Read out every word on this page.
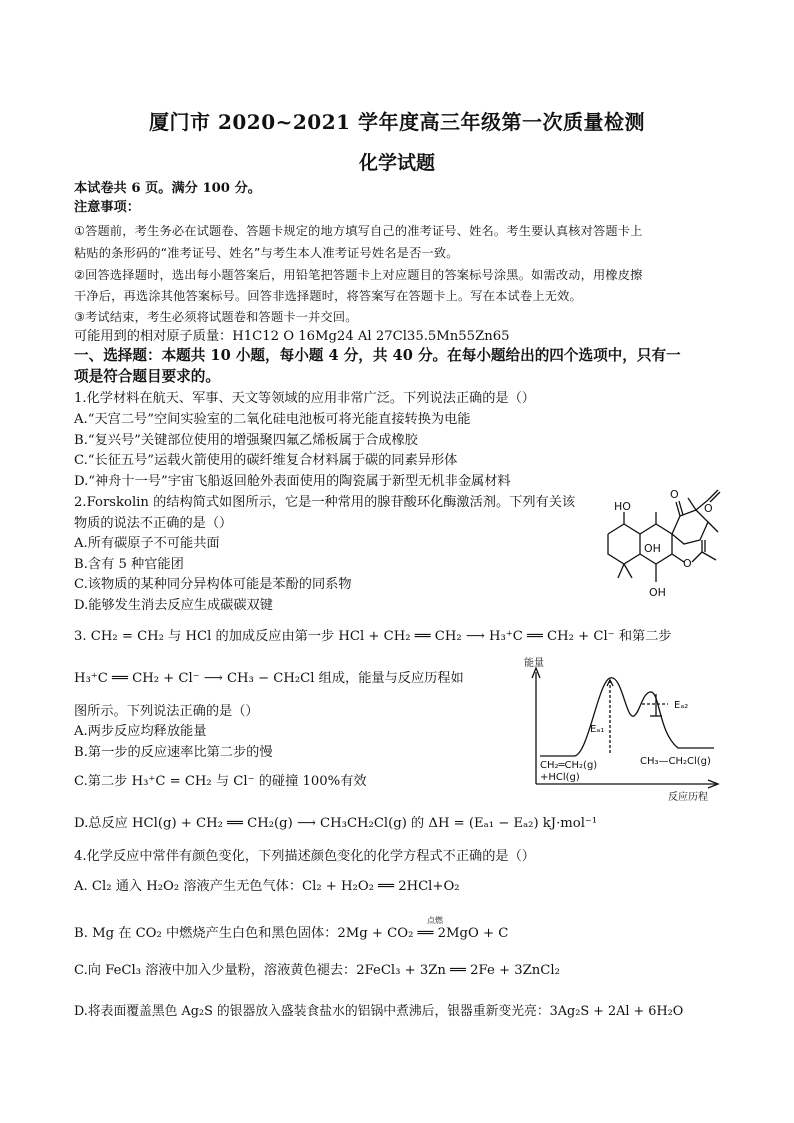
厦门市 2020~2021 学年度高三年级第一次质量检测
化学试题
本试卷共 6 页。满分 100 分。
注意事项：
①答题前，考生务必在试题卷、答题卡规定的地方填写自己的准考证号、姓名。考生要认真核对答题卡上
粘贴的条形码的“准考证号、姓名”与考生本人准考证号姓名是否一致。
②回答选择题时，选出每小题答案后，用铅笔把答题卡上对应题目的答案标号涂黑。如需改动，用橡皮擦
干净后，再选涂其他答案标号。回答非选择题时，将答案写在答题卡上。写在本试卷上无效。
③考试结束，考生必须将试题卷和答题卡一并交回。
可能用到的相对原子质量：H1C12 O 16Mg24 Al 27Cl35.5Mn55Zn65
一、选择题：本题共 10 小题，每小题 4 分，共 40 分。在每小题给出的四个选项中，只有一
项是符合题目要求的。
1.化学材料在航天、军事、天文等领域的应用非常广泛。下列说法正确的是（）
A.“天宫二号”空间实验室的二氧化硅电池板可将光能直接转换为电能
B.“复兴号”关键部位使用的增强聚四氟乙烯板属于合成橡胶
C.“长征五号”运载火箭使用的碳纤维复合材料属于碳的同素异形体
D.“神舟十一号”宇宙飞船返回舱外表面使用的陶瓷属于新型无机非金属材料
2.Forskolin 的结构简式如图所示，它是一种常用的腺苷酸环化酶激活剂。下列有关该
物质的说法不正确的是（）
A.所有碳原子不可能共面
B.含有 5 种官能团
C.该物质的某种同分异构体可能是苯酚的同系物
D.能够发生消去反应生成碳碳双键
O
O
HO
OH
O
OH
3. CH₂ = CH₂ 与 HCl 的加成反应由第一步 HCl + CH₂ ══ CH₂ ⟶ H₃⁺C ══ CH₂ + Cl⁻ 和第二步
H₃⁺C ══ CH₂ + Cl⁻ ⟶ CH₃ − CH₂Cl 组成，能量与反应历程如
图所示。下列说法正确的是（）
A.两步反应均释放能量
B.第一步的反应速率比第二步的慢
C.第二步 H₃⁺C = CH₂ 与 Cl⁻ 的碰撞 100%有效
能量
反应历程
Eₐ₁
Eₐ₂
CH₂═CH₂(g)
+HCl(g)
CH₃—CH₂Cl(g)
D.总反应 HCl(g) + CH₂ ══ CH₂(g) ⟶ CH₃CH₂Cl(g) 的 ΔH = (Eₐ₁ − Eₐ₂) kJ·mol⁻¹
4.化学反应中常伴有颜色变化，下列描述颜色变化的化学方程式不正确的是（）
A. Cl₂ 通入 H₂O₂ 溶液产生无色气体：Cl₂ + H₂O₂ ══ 2HCl+O₂
B. Mg 在 CO₂ 中燃烧产生白色和黑色固体：2Mg + CO₂ ══ 2MgO + C
点燃
C.向 FeCl₃ 溶液中加入少量粉，溶液黄色褪去：2FeCl₃ + 3Zn ══ 2Fe + 3ZnCl₂
D.将表面覆盖黑色 Ag₂S 的银器放入盛装食盐水的铝锅中煮沸后，银器重新变光亮：3Ag₂S + 2Al + 6H₂O
